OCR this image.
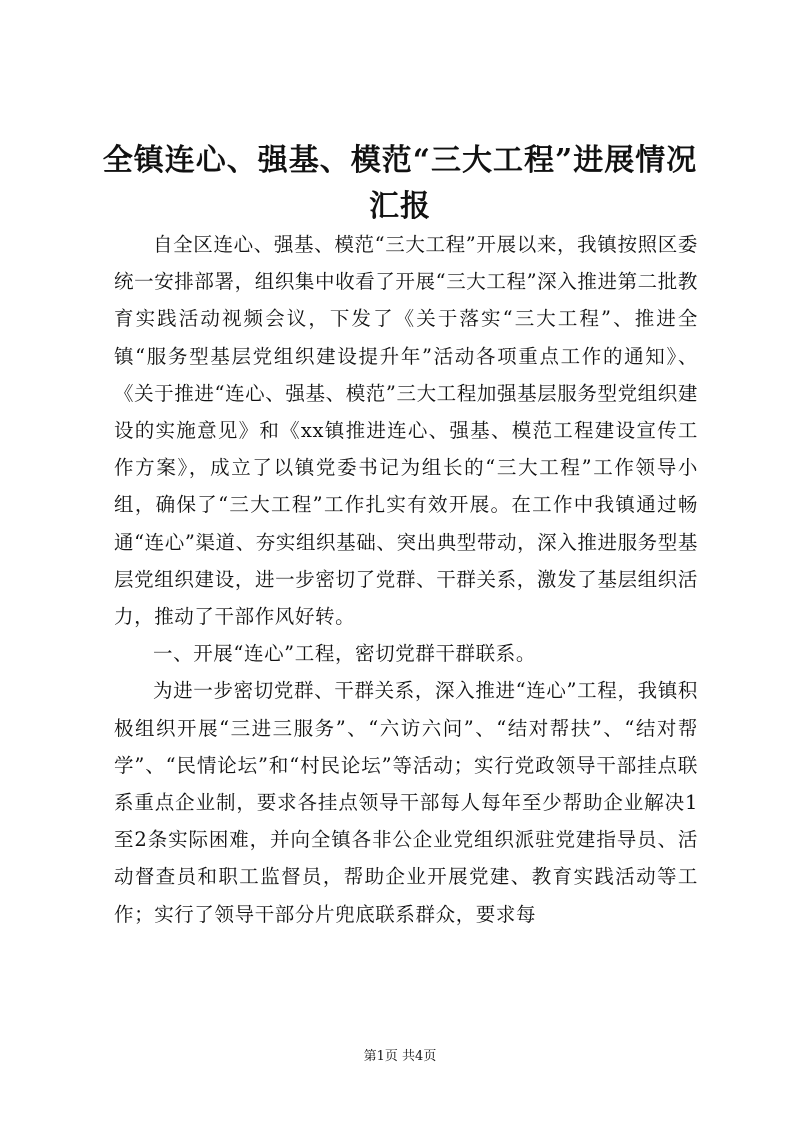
全镇连心、强基、模范“三大工程”进展情况
汇报

自全区连心、强基、模范“三大工程”开展以来，我镇按照区委统一安排部署，组织集中收看了开展“三大工程”深入推进第二批教育实践活动视频会议，下发了《关于落实“三大工程”、推进全镇“服务型基层党组织建设提升年”活动各项重点工作的通知》、《关于推进“连心、强基、模范”三大工程加强基层服务型党组织建设的实施意见》和《xx镇推进连心、强基、模范工程建设宣传工作方案》，成立了以镇党委书记为组长的“三大工程”工作领导小组，确保了“三大工程”工作扎实有效开展。在工作中我镇通过畅通“连心”渠道、夯实组织基础、突出典型带动，深入推进服务型基层党组织建设，进一步密切了党群、干群关系，激发了基层组织活力，推动了干部作风好转。

一、开展“连心”工程，密切党群干群联系。

为进一步密切党群、干群关系，深入推进“连心”工程，我镇积极组织开展“三进三服务”、“六访六问”、“结对帮扶”、“结对帮学”、“民情论坛”和“村民论坛”等活动；实行党政领导干部挂点联系重点企业制，要求各挂点领导干部每人每年至少帮助企业解决1至2条实际困难，并向全镇各非公企业党组织派驻党建指导员、活动督查员和职工监督员，帮助企业开展党建、教育实践活动等工作；实行了领导干部分片兜底联系群众，要求每

第1页 共4页
